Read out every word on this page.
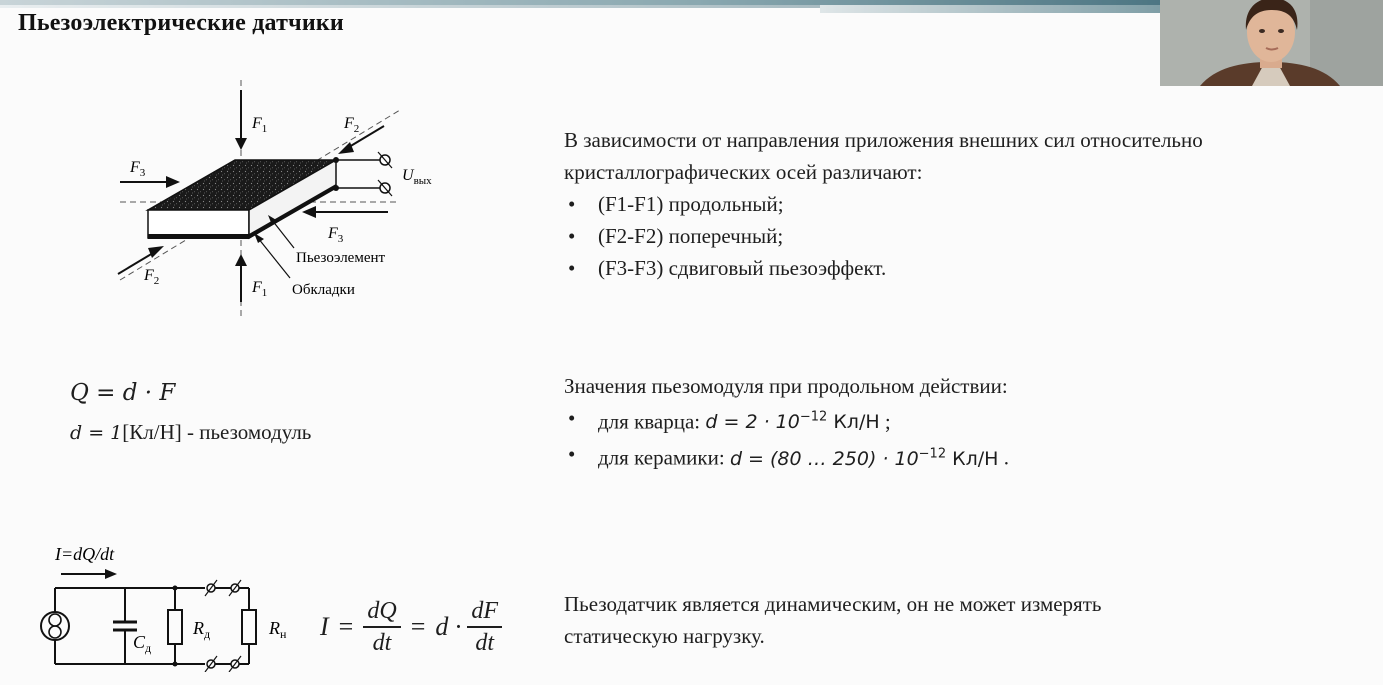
Пьезоэлектрические датчики
$F_1$
$F_1$
$F_2$
$F_2$
$F_3$
$F_3$
$U_{вых}$
Пьезоэлемент
Обкладки

В зависимости от направления приложения внешних сил относительно кристаллографических осей различают:

• (F1-F1) продольный;
• (F2-F2) поперечный;
• (F3-F3) сдвиговый пьезоэффект.
Q = d · F
d = 1[Кл/Н] - пьезомодуль

Значения пьезомодуля при продольном действии:

• для кварца: $d = 2 \cdot 10^{-12}$ Кл/Н ;
• для керамики: d = (80 … $250) \cdot 10^{-12}$ Кл/Н .
I=dQ/dt
$C_д$
$R_д$	$R_н$ $I = \frac{dQ}{dt} = d \cdot \frac{dF}{dt}$	Пьезодатчик является динамическим, он не может измерять статическую нагрузку.
